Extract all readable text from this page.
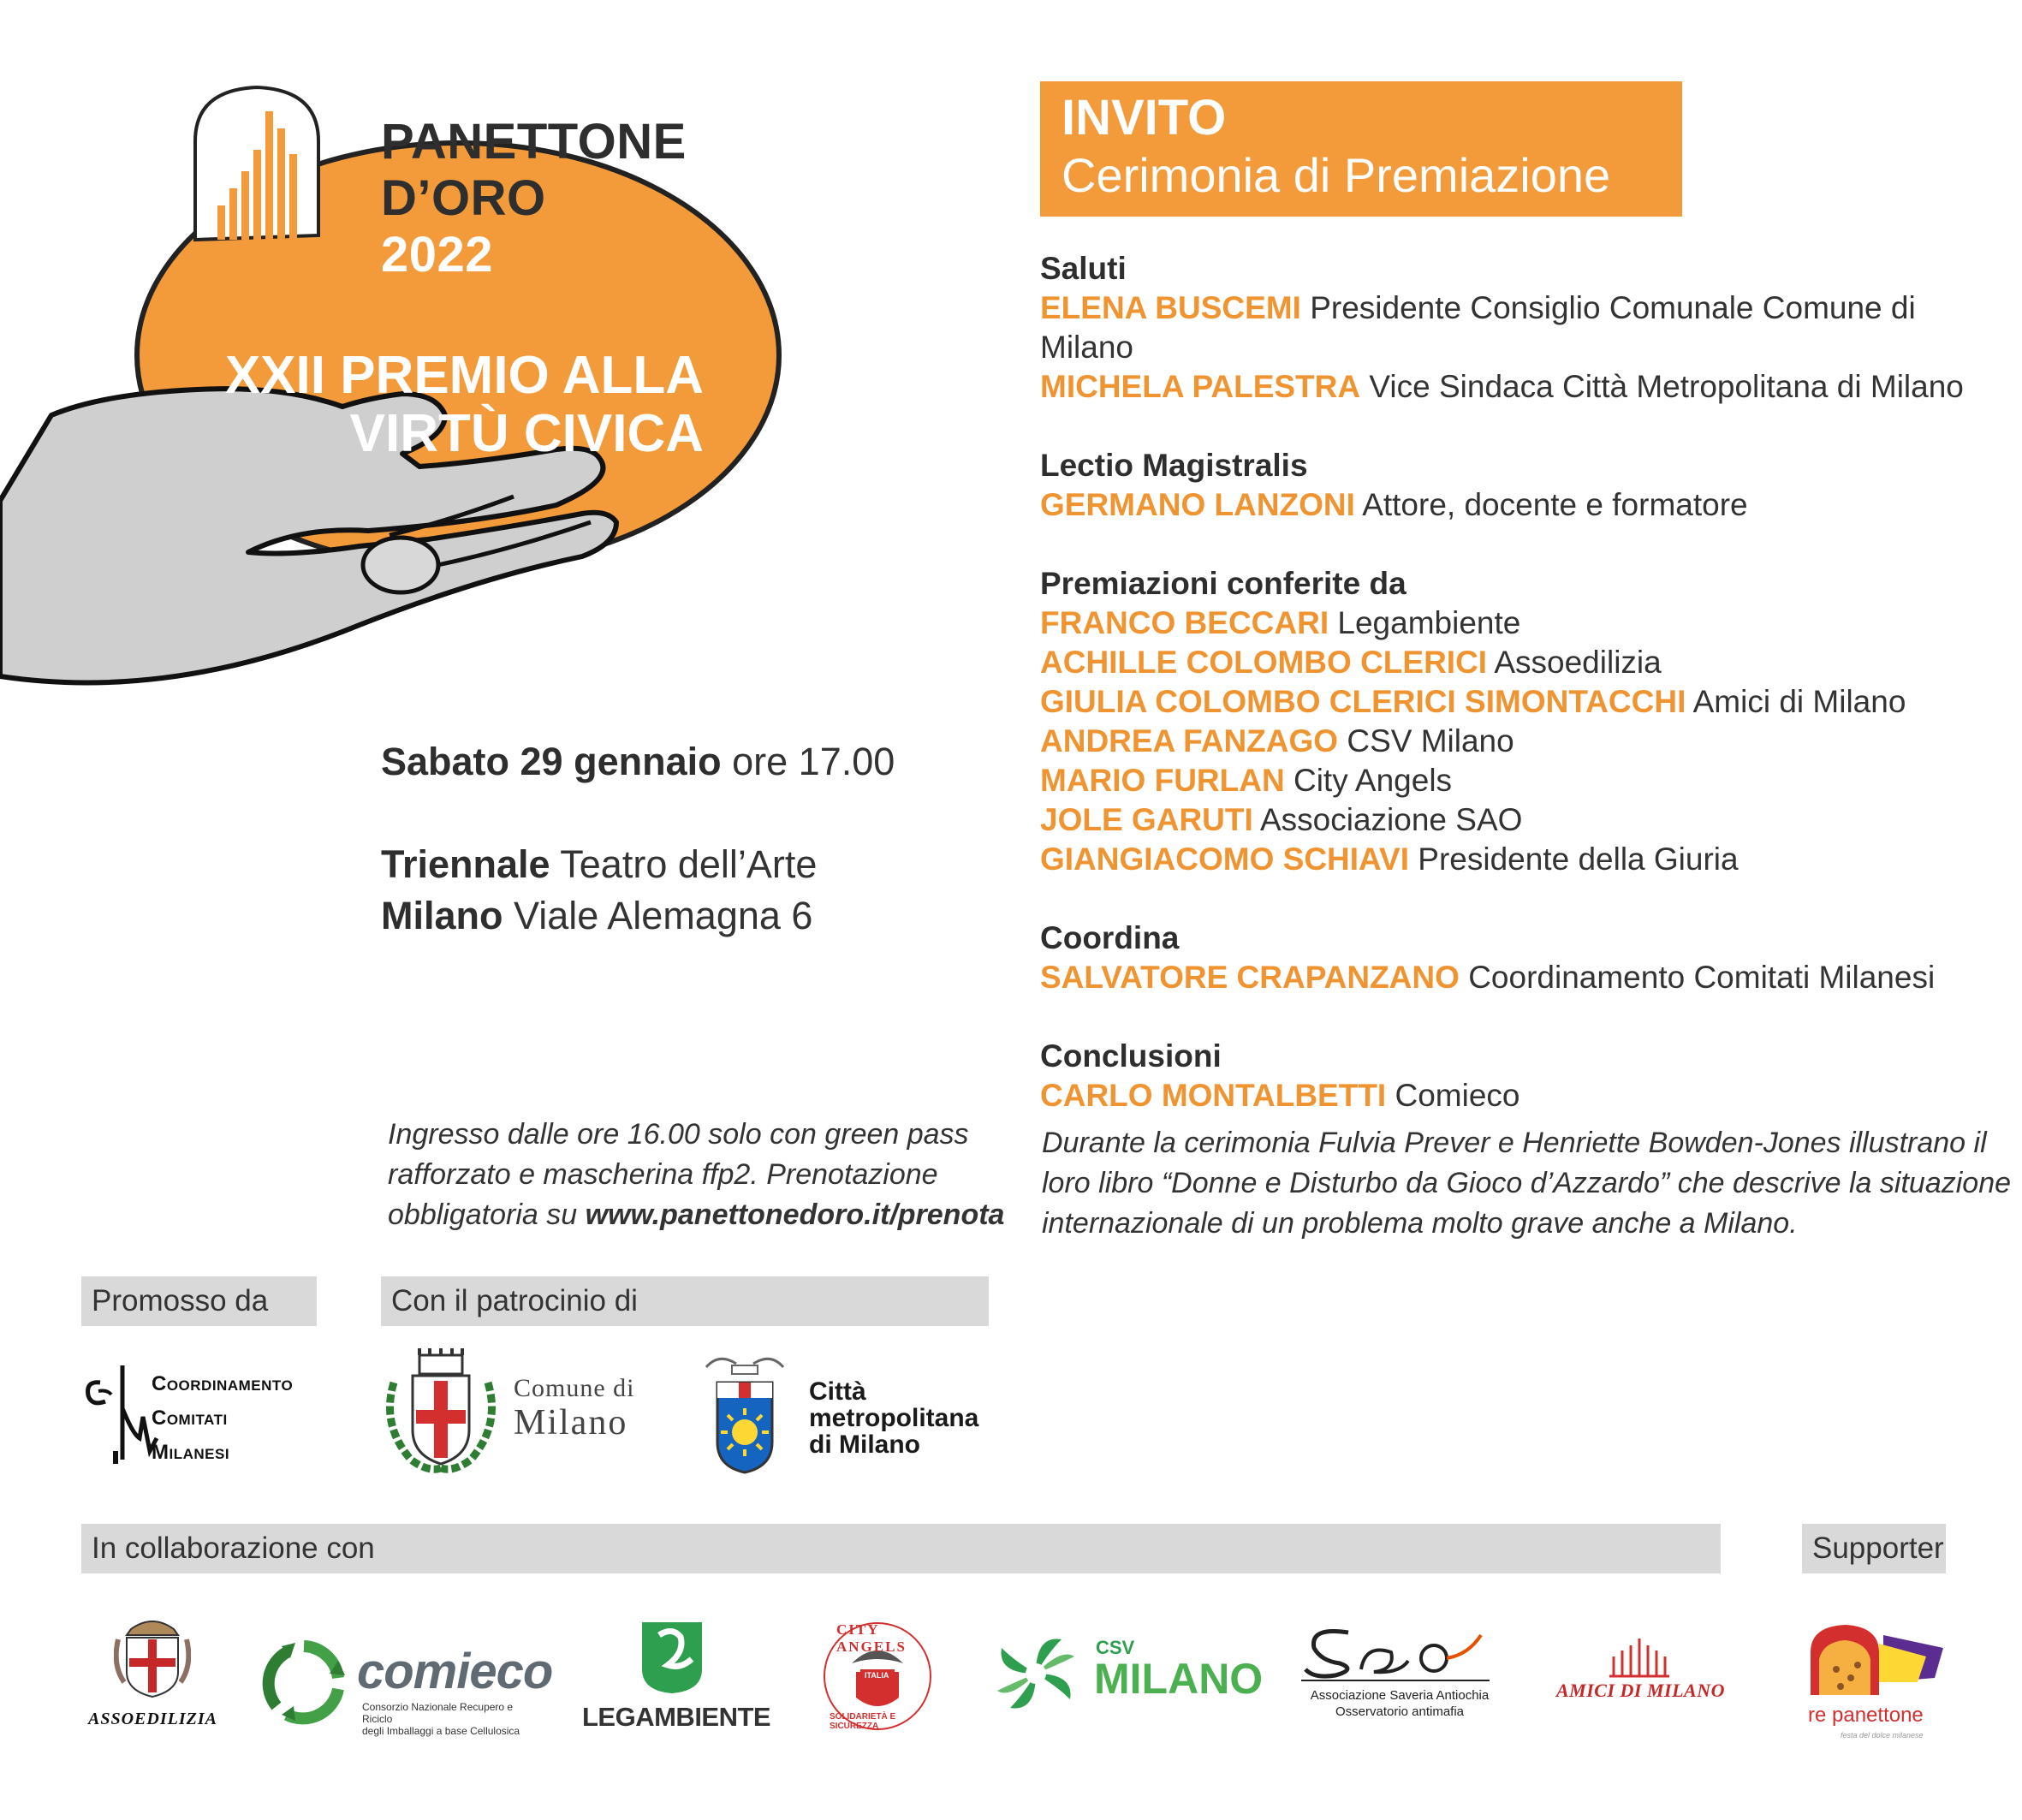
PANETTONE
D’ORO
2022
XXII PREMIO ALLA
VIRTÙ CIVICA
INVITO
Cerimonia di Premiazione
Saluti
ELENA BUSCEMI Presidente Consiglio Comunale Comune di Milano
MICHELA PALESTRA Vice Sindaca Città Metropolitana di Milano
Lectio Magistralis
GERMANO LANZONI Attore, docente e formatore
Premiazioni conferite da
FRANCO BECCARI Legambiente
ACHILLE COLOMBO CLERICI Assoedilizia
GIULIA COLOMBO CLERICI SIMONTACCHI Amici di Milano
ANDREA FANZAGO CSV Milano
MARIO FURLAN City Angels
JOLE GARUTI Associazione SAO
GIANGIACOMO SCHIAVI Presidente della Giuria
Coordina
SALVATORE CRAPANZANO Coordinamento Comitati Milanesi
Conclusioni
CARLO MONTALBETTI Comieco
Sabato 29 gennaio ore 17.00
Triennale Teatro dell’Arte
Milano Viale Alemagna 6
Ingresso dalle ore 16.00 solo con green pass
rafforzato e mascherina ffp2. Prenotazione
obbligatoria su www.panettonedoro.it/prenota
Durante la cerimonia Fulvia Prever e Henriette Bowden-Jones illustrano il
loro libro “Donne e Disturbo da Gioco d’Azzardo” che descrive la situazione
internazionale di un problema molto grave anche a Milano.
Promosso da	Con il patrocinio di
In collaborazione con	Supporter
Coordinamento
Comitati
Milanesi
Comune di
Milano
Città
metropolitana
di Milano
ASSOEDILIZIA
comieco
Consorzio Nazionale Recupero e Riciclo
degli Imballaggi a base Cellulosica	LEGAMBIENTE
CITY ANGELS
ITALIA
SOLIDARIETÀ E SICUREZZA
CSV
MILANO	Associazione Saveria Antiochia
Osservatorio antimafia
AMICI DI MILANO
re panettone
festa del dolce milanese
